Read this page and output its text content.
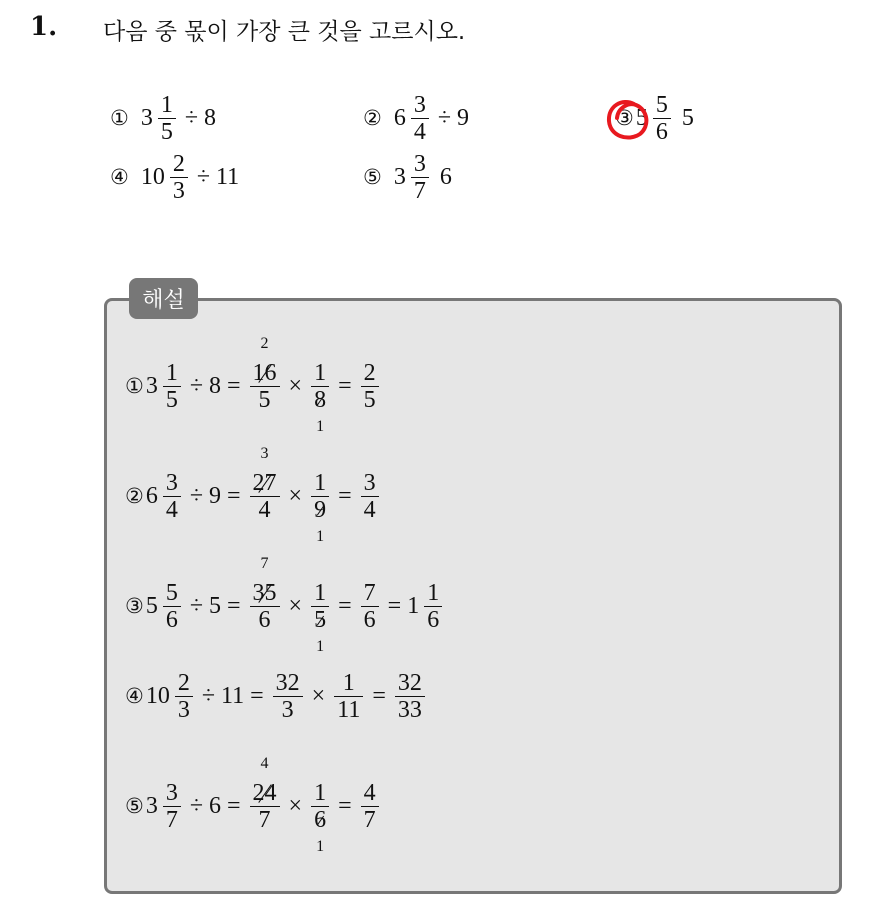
1. 다음 중 몫이 가장 큰 것을 고르시오.
① $3 \frac{1}{5} \div 8$	② $6 \frac{3}{4} \div 9$	③ $5 \frac{5}{6} 5$
④ $10 \frac{2}{3} \div 11$	⑤ $3 \frac{3}{7} 6$
해설
① $3 \frac{1}{5} \div 8$ =
2
16
5
× 1
8
1
= $\frac{2}{5}$
② $6 \frac{3}{4} \div 9$ =
3
27
4
× 1
9
1
= $\frac{3}{4}$
③ $5 \frac{5}{6} \div 5$ =
7
35
6
× 1
5
1
= $\frac{7}{6} = 1 \frac{1}{6}$
④ $10 \frac{2}{3} \div 11 = \frac{32}{3} \times \frac{1}{11} = \frac{32}{33}$
⑤ $3 \frac{3}{7} \div 6$ =
4
24
7
× 1
6
1
= $\frac{4}{7}$
